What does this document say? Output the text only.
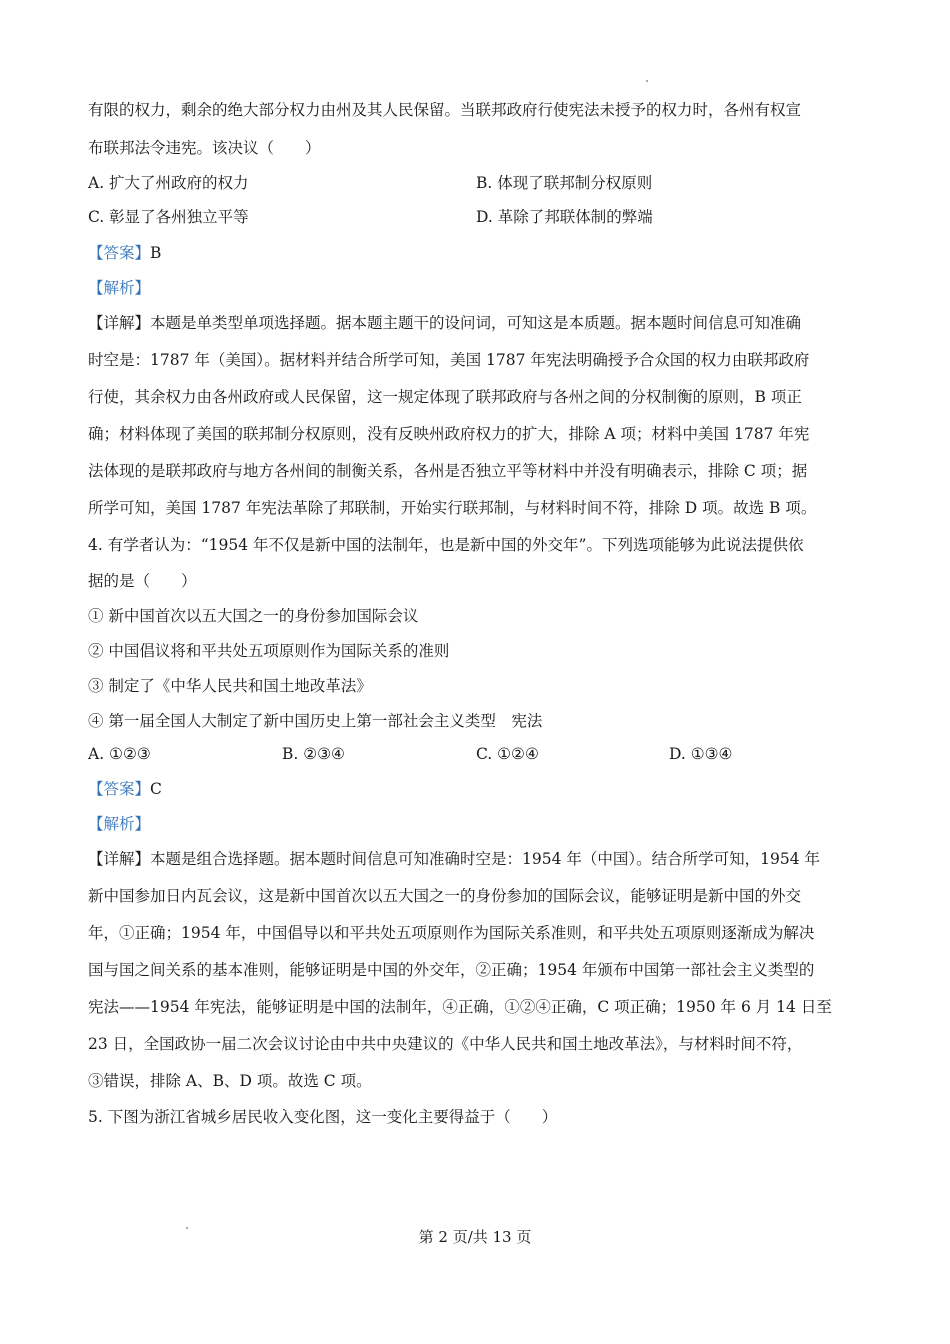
有限的权力，剩余的绝大部分权力由州及其人民保留。当联邦政府行使宪法未授予的权力时，各州有权宣
布联邦法令违宪。该决议（　　）
A. 扩大了州政府的权力	B. 体现了联邦制分权原则
C. 彰显了各州独立平等	D. 革除了邦联体制的弊端
【答案】B
【解析】
【详解】本题是单类型单项选择题。据本题主题干的设问词，可知这是本质题。据本题时间信息可知准确
时空是：1787 年（美国）。据材料并结合所学可知，美国 1787 年宪法明确授予合众国的权力由联邦政府
行使，其余权力由各州政府或人民保留，这一规定体现了联邦政府与各州之间的分权制衡的原则，B 项正
确；材料体现了美国的联邦制分权原则，没有反映州政府权力的扩大，排除 A 项；材料中美国 1787 年宪
法体现的是联邦政府与地方各州间的制衡关系，各州是否独立平等材料中并没有明确表示，排除 C 项；据
所学可知，美国 1787 年宪法革除了邦联制，开始实行联邦制，与材料时间不符，排除 D 项。故选 B 项。
4. 有学者认为：“1954 年不仅是新中国的法制年，也是新中国的外交年”。下列选项能够为此说法提供依
据的是（　　）
① 新中国首次以五大国之一的身份参加国际会议
② 中国倡议将和平共处五项原则作为国际关系的准则
③ 制定了《中华人民共和国土地改革法》
④ 第一届全国人大制定了新中国历史上第一部社会主义类型　宪法
A. ①②③	B. ②③④	C. ①②④	D. ①③④
【答案】C
【解析】
【详解】本题是组合选择题。据本题时间信息可知准确时空是：1954 年（中国）。结合所学可知，1954 年
新中国参加日内瓦会议，这是新中国首次以五大国之一的身份参加的国际会议，能够证明是新中国的外交
年，①正确；1954 年，中国倡导以和平共处五项原则作为国际关系准则，和平共处五项原则逐渐成为解决
国与国之间关系的基本准则，能够证明是中国的外交年，②正确；1954 年颁布中国第一部社会主义类型的
宪法——1954 年宪法，能够证明是中国的法制年，④正确，①②④正确，C 项正确；1950 年 6 月 14 日至
23 日，全国政协一届二次会议讨论由中共中央建议的《中华人民共和国土地改革法》，与材料时间不符，
③错误，排除 A、B、D 项。故选 C 项。
5. 下图为浙江省城乡居民收入变化图，这一变化主要得益于（　　）
第 2 页/共 13 页
